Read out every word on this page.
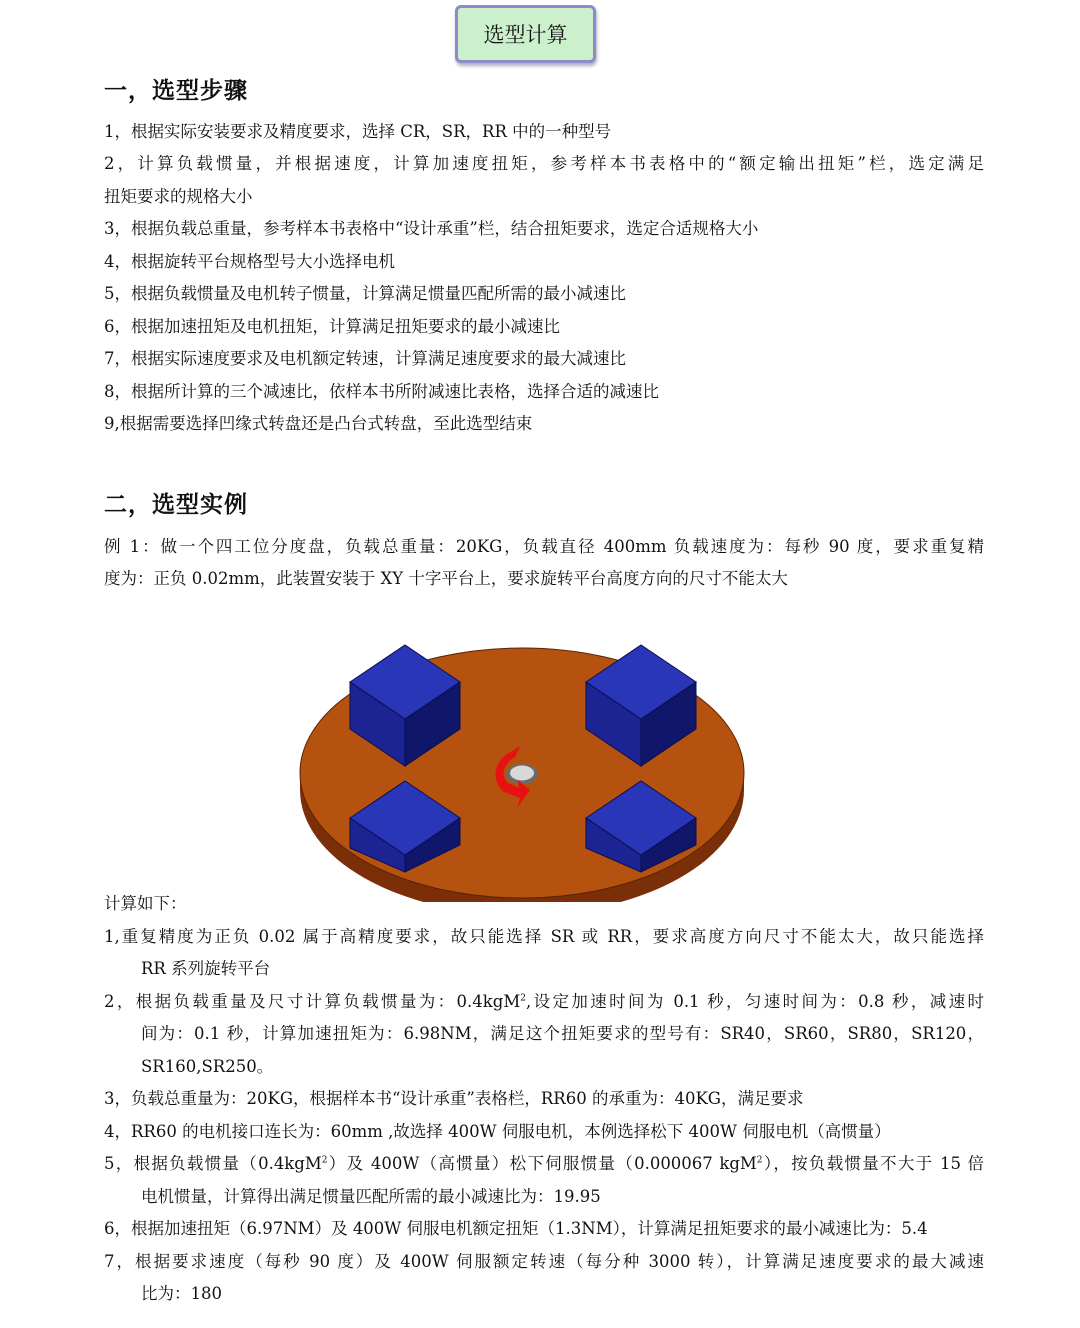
选型计算
一，选型步骤
1，根据实际安装要求及精度要求，选择 CR，SR，RR 中的一种型号
2，计算负载惯量，并根据速度，计算加速度扭矩，参考样本书表格中的“额定输出扭矩”栏，选定满足
扭矩要求的规格大小
3，根据负载总重量，参考样本书表格中“设计承重”栏，结合扭矩要求，选定合适规格大小
4，根据旋转平台规格型号大小选择电机
5，根据负载惯量及电机转子惯量，计算满足惯量匹配所需的最小减速比
6，根据加速扭矩及电机扭矩，计算满足扭矩要求的最小减速比
7，根据实际速度要求及电机额定转速，计算满足速度要求的最大减速比
8，根据所计算的三个减速比，依样本书所附减速比表格，选择合适的减速比
9,根据需要选择凹缘式转盘还是凸台式转盘，至此选型结束
二，选型实例
例 1：做一个四工位分度盘，负载总重量：20KG，负载直径 400mm 负载速度为：每秒 90 度，要求重复精
度为：正负 0.02mm，此装置安装于 XY 十字平台上，要求旋转平台高度方向的尺寸不能太大
计算如下：
1,重复精度为正负 0.02 属于高精度要求，故只能选择 SR 或 RR，要求高度方向尺寸不能太大，故只能选择
RR 系列旋转平台
2，根据负载重量及尺寸计算负载惯量为：0.4kgM$^2$,设定加速时间为 0.1 秒，匀速时间为：0.8 秒，减速时
间为：0.1 秒，计算加速扭矩为：6.98NM，满足这个扭矩要求的型号有：SR40，SR60，SR80，SR120，
SR160,SR250。
3，负载总重量为：20KG，根据样本书“设计承重”表格栏，RR60 的承重为：40KG，满足要求
4，RR60 的电机接口连长为：60mm ,故选择 400W 伺服电机，本例选择松下 400W 伺服电机（高惯量）
5，根据负载惯量（0.4kgM$^2$）及 400W（高惯量）松下伺服惯量（0.000067 kgM$^2$），按负载惯量不大于 15 倍
电机惯量，计算得出满足惯量匹配所需的最小减速比为：19.95
6，根据加速扭矩（6.97NM）及 400W 伺服电机额定扭矩（1.3NM），计算满足扭矩要求的最小减速比为：5.4
7，根据要求速度（每秒 90 度）及 400W 伺服额定转速（每分种 3000 转），计算满足速度要求的最大减速
比为：180
